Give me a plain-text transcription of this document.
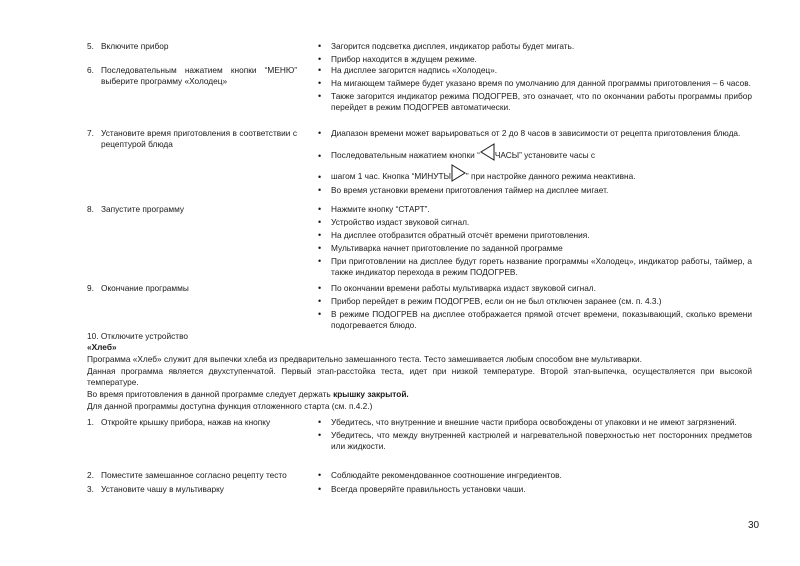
5. Включите прибор	•	Загорится подсветка дисплея, индикатор работы будет мигать.
•	Прибор находится в ждущем режиме.
6. Последовательным нажатием кнопки “МЕНЮ” выберите программу «Холодец»
•	На дисплее загорится надпись «Холодец».
•	На мигающем таймере будет указано время по умолчанию для данной программы приготовления – 6 часов.
•	Также загорится индикатор режима ПОДОГРЕВ, это означает, что по окончании работы программы прибор перейдет в режим ПОДОГРЕВ автоматически.
7. Установите время приготовления в соответствии с рецептурой блюда
•	Диапазон времени может варьироваться от 2 до 8 часов в зависимости от рецепта приготовления блюда.
•	Последовательным нажатием кнопки “ ЧАСЫ” установите часы с
•	шагом 1 час. Кнопка “МИНУТЫ ” при настройке данного режима неактивна.
•	Во время установки времени приготовления таймер на дисплее мигает.
8. Запустите программу	•	Нажмите кнопку “СТАРТ”.
•	Устройство издаст звуковой сигнал.
•	На дисплее отобразится обратный отсчёт времени приготовления.
•	Мультиварка начнет приготовление по заданной программе
•	При приготовлении на дисплее будут гореть название программы «Холодец», индикатор работы, таймер, а также индикатор перехода в режим ПОДОГРЕВ.
9. Окончание программы	•	По окончании времени работы мультиварка издаст звуковой сигнал.
•	Прибор перейдет в режим ПОДОГРЕВ, если он не был отключен заранее (см. п. 4.3.)
•	В режиме ПОДОГРЕВ на дисплее отображается прямой отсчет времени, показывающий, сколько времени подогревается блюдо.
10. Отключите устройство
«Хлеб»
Программа «Хлеб» служит для выпечки хлеба из предварительно замешанного теста. Тесто замешивается любым способом вне мультиварки.
Данная программа является двухступенчатой. Первый этап-расстойка теста, идет при низкой температуре. Второй этап-выпечка, осуществляется при высокой температуре.
Во время приготовления в данной программе следует держать крышку закрытой.
Для данной программы доступна функция отложенного старта (см. п.4.2.)
1. Откройте крышку прибора, нажав на кнопку	•	Убедитесь, что внутренние и внешние части прибора освобождены от упаковки и не имеют загрязнений.
•	Убедитесь, что между внутренней кастрюлей и нагревательной поверхностью нет посторонних предметов или жидкости.
2. Поместите замешанное согласно рецепту тесто	•	Соблюдайте рекомендованное соотношение ингредиентов.
3. Установите чашу в мультиварку	•	Всегда проверяйте правильность установки чаши.
30
